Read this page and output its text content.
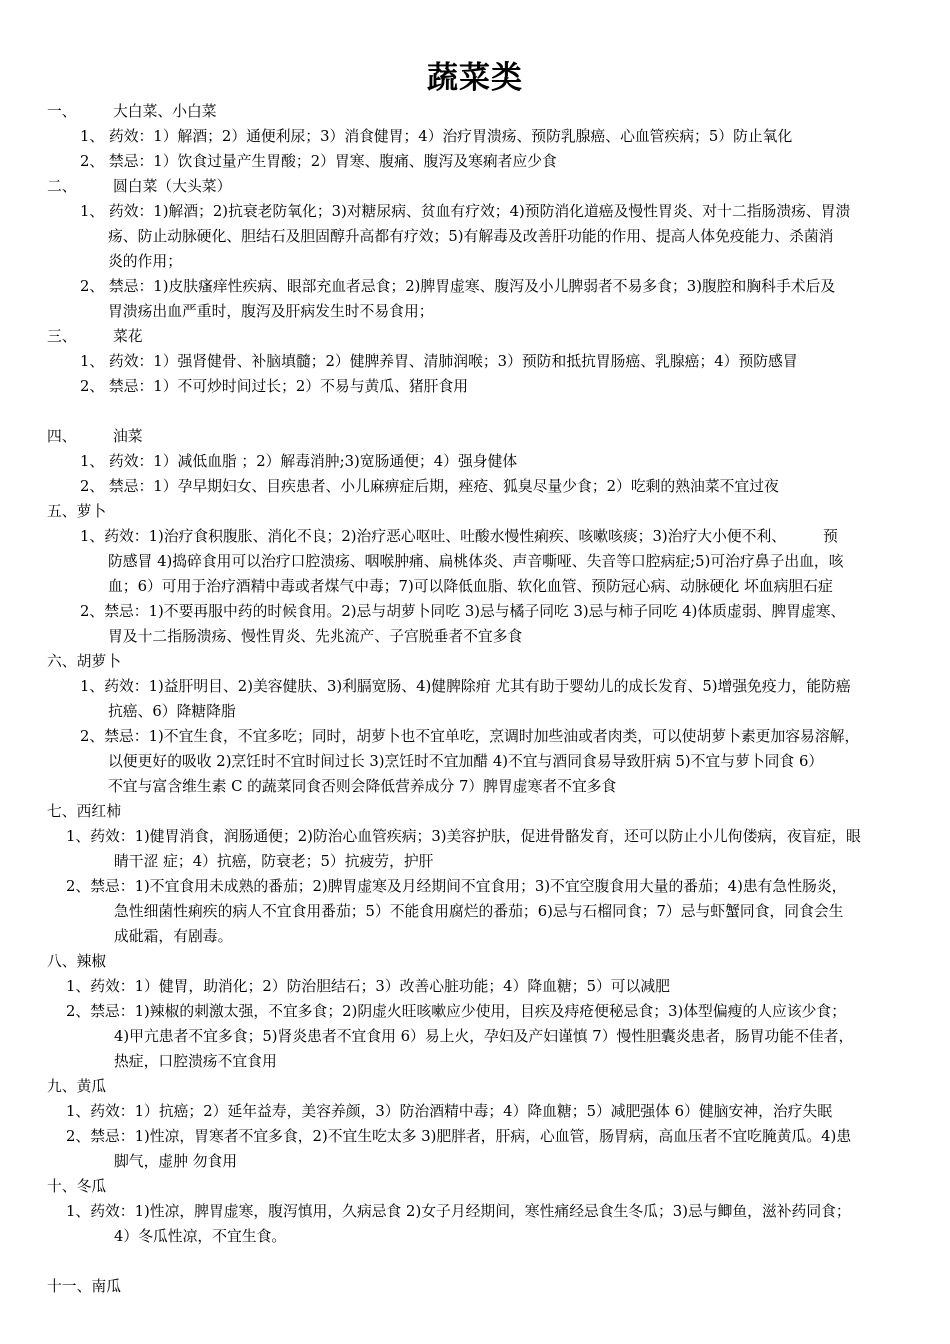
蔬菜类
一、 大白菜、小白菜
1、 药效：1）解酒；2）通便利尿；3）消食健胃；4）治疗胃溃疡、预防乳腺癌、心血管疾病；5）防止氧化
2、 禁忌：1）饮食过量产生胃酸；2）胃寒、腹痛、腹泻及寒痢者应少食
二、 圆白菜（大头菜）
1、 药效：1)解酒；2)抗衰老防氧化；3)对糖尿病、贫血有疗效；4)预防消化道癌及慢性胃炎、对十二指肠溃疡、胃溃
疡、防止动脉硬化、胆结石及胆固醇升高都有疗效；5)有解毒及改善肝功能的作用、提高人体免疫能力、杀菌消
炎的作用；
2、 禁忌：1)皮肤瘙痒性疾病、眼部充血者忌食；2)脾胃虚寒、腹泻及小儿脾弱者不易多食；3)腹腔和胸科手术后及
胃溃疡出血严重时，腹泻及肝病发生时不易食用；
三、 菜花
1、 药效：1）强肾健骨、补脑填髓；2）健脾养胃、清肺润喉；3）预防和抵抗胃肠癌、乳腺癌；4）预防感冒
2、 禁忌：1）不可炒时间过长；2）不易与黄瓜、猪肝食用
四、 油菜
1、 药效：1）减低血脂 ；2）解毒消肿;3)宽肠通便；4）强身健体
2、 禁忌：1）孕早期妇女、目疾患者、小儿麻痹症后期，痤疮、狐臭尽量少食；2）吃剩的熟油菜不宜过夜
五、萝卜
1、药效：1)治疗食积腹胀、消化不良；2)治疗恶心呕吐、吐酸水慢性痢疾、咳嗽咳痰；3)治疗大小便不利、　　　预
防感冒 4)捣碎食用可以治疗口腔溃疡、咽喉肿痛、扁桃体炎、声音嘶哑、失音等口腔病症;5)可治疗鼻子出血，咳
血；6）可用于治疗酒精中毒或者煤气中毒；7)可以降低血脂、软化血管、预防冠心病、动脉硬化 坏血病胆石症
2、禁忌：1)不要再服中药的时候食用。2)忌与胡萝卜同吃 3)忌与橘子同吃 3)忌与柿子同吃 4)体质虚弱、脾胃虚寒、
胃及十二指肠溃疡、慢性胃炎、先兆流产、子宫脱垂者不宜多食
六、胡萝卜
1、药效：1)益肝明目、2)美容健肤、3)利膈宽肠、4)健脾除疳 尤其有助于婴幼儿的成长发育、5)增强免疫力，能防癌
抗癌、6）降糖降脂
2、禁忌：1)不宜生食，不宜多吃；同时，胡萝卜也不宜单吃，烹调时加些油或者肉类，可以使胡萝卜素更加容易溶解，
以便更好的吸收 2)烹饪时不宜时间过长 3)烹饪时不宜加醋 4)不宜与酒同食易导致肝病 5)不宜与萝卜同食 6）
不宜与富含维生素 C 的蔬菜同食否则会降低营养成分 7）脾胃虚寒者不宜多食
七、西红柿
1、药效：1)健胃消食，润肠通便；2)防治心血管疾病；3)美容护肤，促进骨骼发育，还可以防止小儿佝偻病，夜盲症，眼
睛干涩 症；4）抗癌，防衰老；5）抗疲劳，护肝
2、禁忌：1)不宜食用未成熟的番茄；2)脾胃虚寒及月经期间不宜食用；3)不宜空腹食用大量的番茄；4)患有急性肠炎，
急性细菌性痢疾的病人不宜食用番茄；5）不能食用腐烂的番茄；6)忌与石榴同食；7）忌与虾蟹同食，同食会生
成砒霜，有剧毒。
八、辣椒
1、药效：1）健胃，助消化；2）防治胆结石；3）改善心脏功能；4）降血糖；5）可以减肥
2、禁忌：1)辣椒的刺激太强，不宜多食；2)阴虚火旺咳嗽应少使用，目疾及痔疮便秘忌食；3)体型偏瘦的人应该少食；
4)甲亢患者不宜多食；5)肾炎患者不宜食用 6）易上火，孕妇及产妇谨慎 7）慢性胆囊炎患者，肠胃功能不佳者，
热症，口腔溃疡不宜食用
九、黄瓜
1、药效：1）抗癌；2）延年益寿，美容养颜，3）防治酒精中毒；4）降血糖；5）减肥强体 6）健脑安神，治疗失眠
2、禁忌：1)性凉，胃寒者不宜多食，2)不宜生吃太多 3)肥胖者，肝病，心血管，肠胃病，高血压者不宜吃腌黄瓜。4)患
脚气，虚肿 勿食用
十、冬瓜
1、药效：1)性凉，脾胃虚寒，腹泻慎用，久病忌食 2)女子月经期间，寒性痛经忌食生冬瓜；3)忌与鲫鱼，滋补药同食；
4）冬瓜性凉，不宜生食。
十一、南瓜
